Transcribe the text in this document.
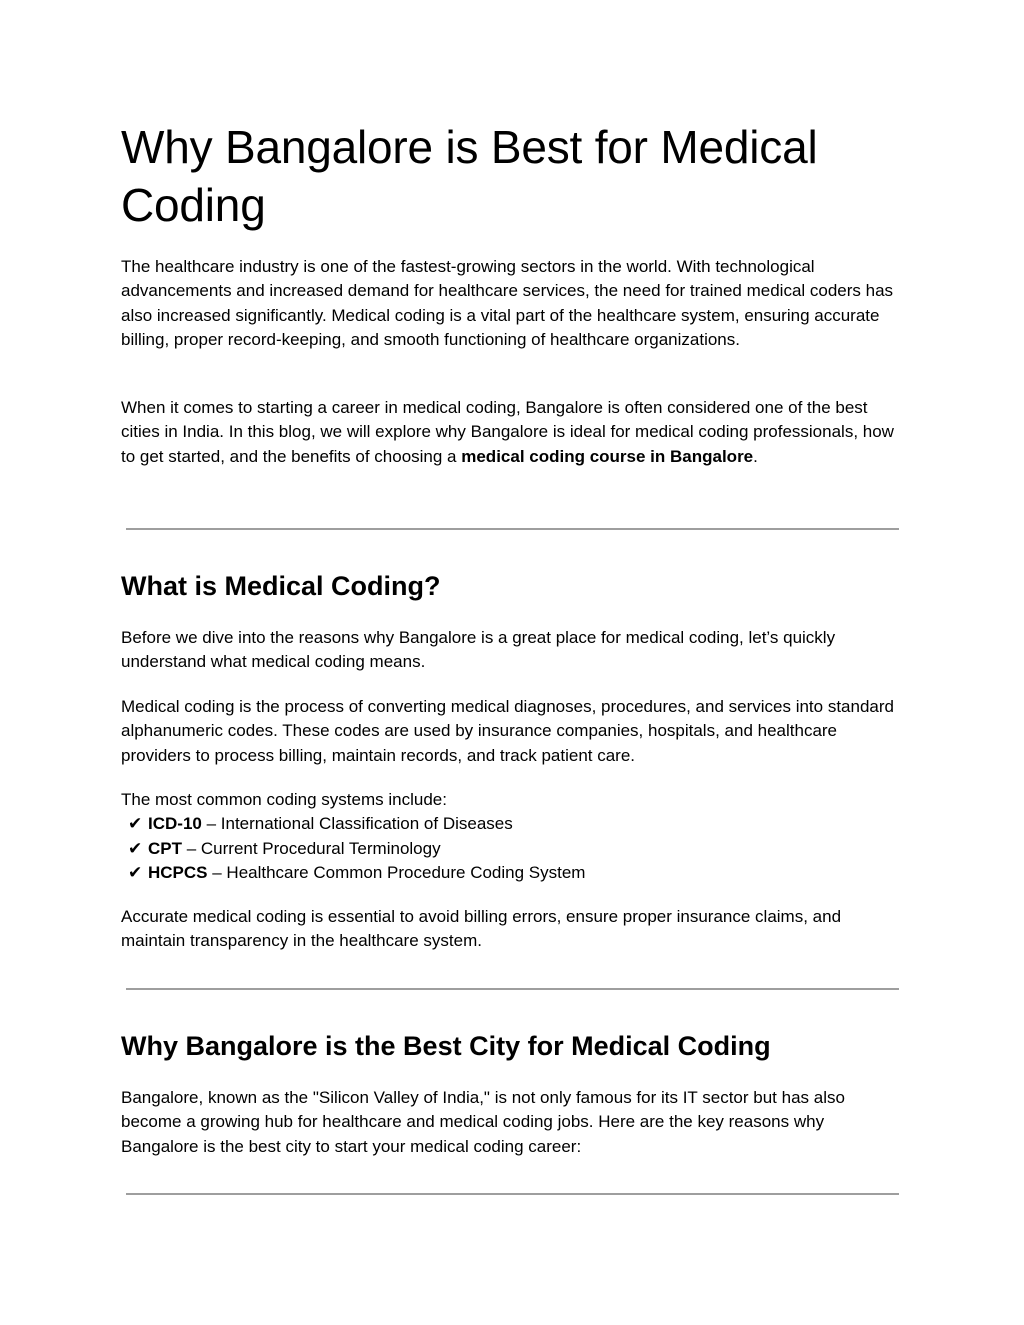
Why Bangalore is Best for Medical Coding

The healthcare industry is one of the fastest-growing sectors in the world. With technological advancements and increased demand for healthcare services, the need for trained medical coders has also increased significantly. Medical coding is a vital part of the healthcare system, ensuring accurate billing, proper record-keeping, and smooth functioning of healthcare organizations.

When it comes to starting a career in medical coding, Bangalore is often considered one of the best cities in India. In this blog, we will explore why Bangalore is ideal for medical coding professionals, how to get started, and the benefits of choosing a medical coding course in Bangalore.

What is Medical Coding?

Before we dive into the reasons why Bangalore is a great place for medical coding, let’s quickly understand what medical coding means.

Medical coding is the process of converting medical diagnoses, procedures, and services into standard alphanumeric codes. These codes are used by insurance companies, hospitals, and healthcare providers to process billing, maintain records, and track patient care.

The most common coding systems include:
✔ ICD-10 – International Classification of Diseases
✔ CPT – Current Procedural Terminology
✔ HCPCS – Healthcare Common Procedure Coding System

Accurate medical coding is essential to avoid billing errors, ensure proper insurance claims, and maintain transparency in the healthcare system.

Why Bangalore is the Best City for Medical Coding

Bangalore, known as the "Silicon Valley of India," is not only famous for its IT sector but has also become a growing hub for healthcare and medical coding jobs. Here are the key reasons why Bangalore is the best city to start your medical coding career:
